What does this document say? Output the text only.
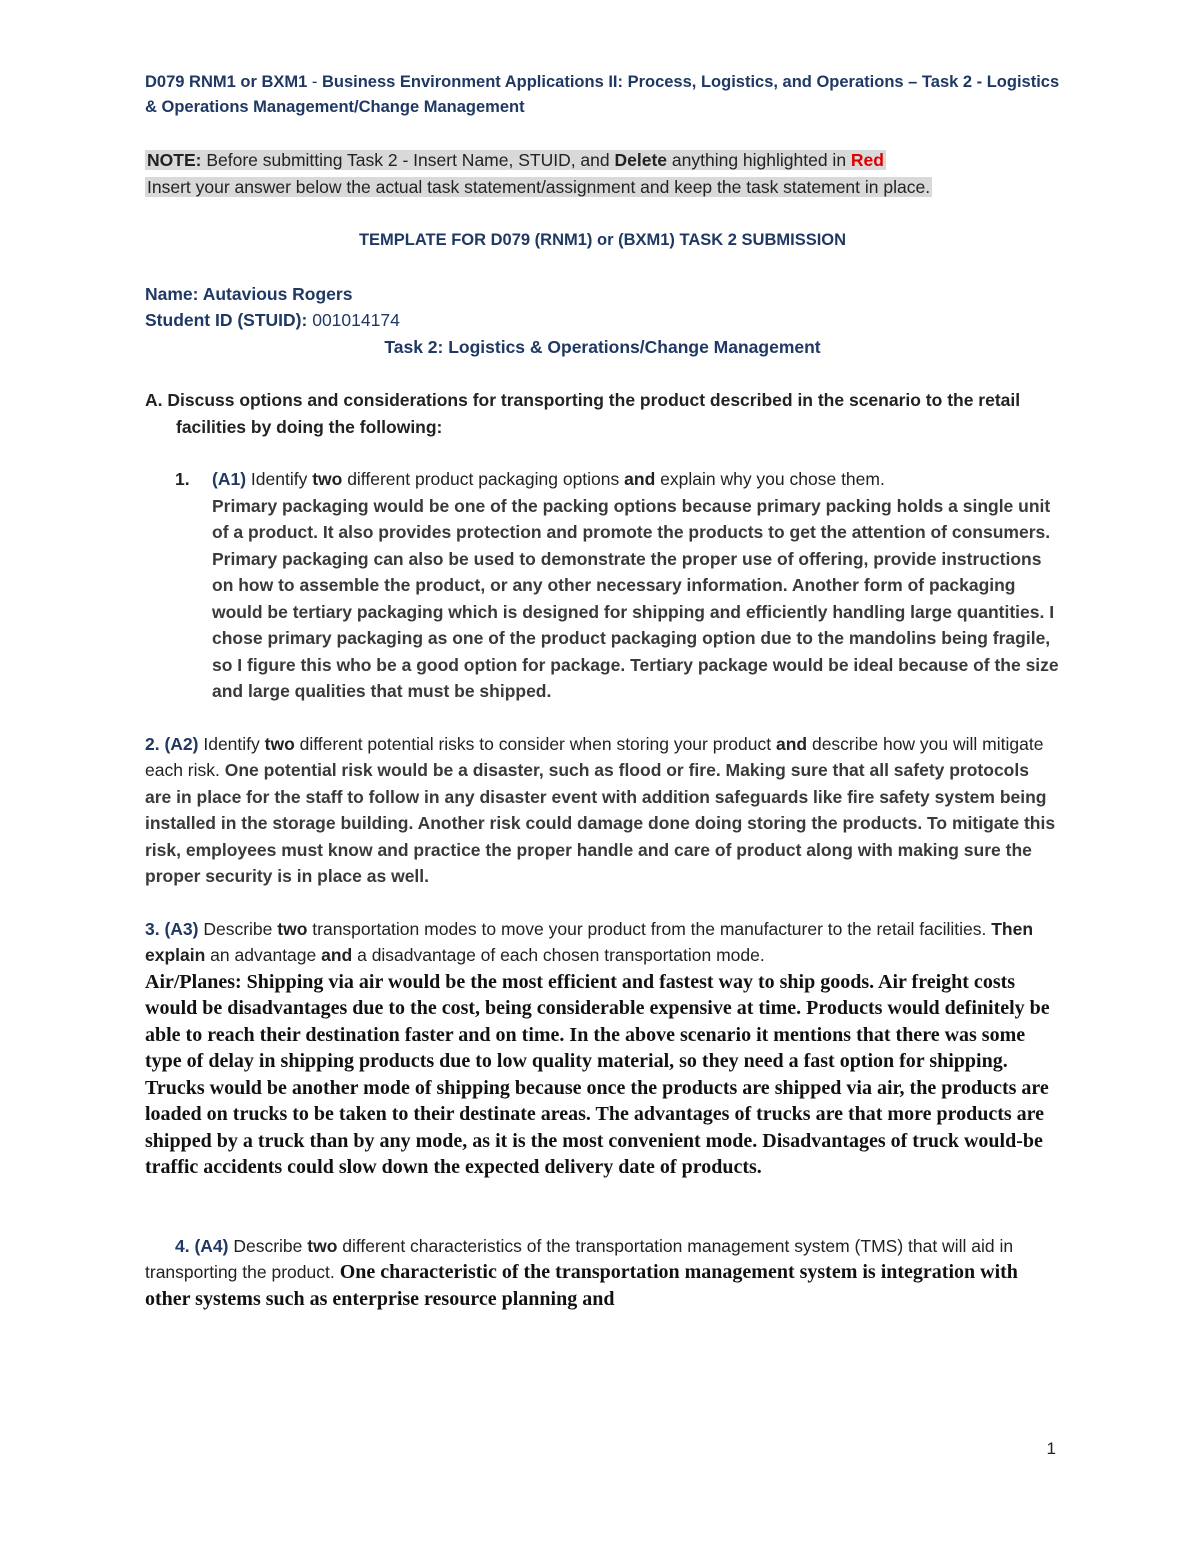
D079 RNM1 or BXM1 - Business Environment Applications II: Process, Logistics, and Operations – Task 2 - Logistics & Operations Management/Change Management
NOTE: Before submitting Task 2 - Insert Name, STUID, and Delete anything highlighted in Red
Insert your answer below the actual task statement/assignment and keep the task statement in place.
TEMPLATE FOR D079 (RNM1) or (BXM1) TASK 2 SUBMISSION
Name: Autavious Rogers
Student ID (STUID): 001014174
Task 2: Logistics & Operations/Change Management
A. Discuss options and considerations for transporting the product described in the scenario to the retail facilities by doing the following:
1. (A1) Identify two different product packaging options and explain why you chose them.
Primary packaging would be one of the packing options because primary packing holds a single unit of a product. It also provides protection and promote the products to get the attention of consumers. Primary packaging can also be used to demonstrate the proper use of offering, provide instructions on how to assemble the product, or any other necessary information. Another form of packaging would be tertiary packaging which is designed for shipping and efficiently handling large quantities. I chose primary packaging as one of the product packaging option due to the mandolins being fragile, so I figure this who be a good option for package. Tertiary package would be ideal because of the size and large qualities that must be shipped.
2. (A2) Identify two different potential risks to consider when storing your product and describe how you will mitigate each risk. One potential risk would be a disaster, such as flood or fire. Making sure that all safety protocols are in place for the staff to follow in any disaster event with addition safeguards like fire safety system being installed in the storage building. Another risk could damage done doing storing the products. To mitigate this risk, employees must know and practice the proper handle and care of product along with making sure the proper security is in place as well.
3. (A3) Describe two transportation modes to move your product from the manufacturer to the retail facilities. Then explain an advantage and a disadvantage of each chosen transportation mode.
Air/Planes: Shipping via air would be the most efficient and fastest way to ship goods. Air freight costs would be disadvantages due to the cost, being considerable expensive at time. Products would definitely be able to reach their destination faster and on time. In the above scenario it mentions that there was some type of delay in shipping products due to low quality material, so they need a fast option for shipping.
Trucks would be another mode of shipping because once the products are shipped via air, the products are loaded on trucks to be taken to their destinate areas. The advantages of trucks are that more products are shipped by a truck than by any mode, as it is the most convenient mode. Disadvantages of truck would-be traffic accidents could slow down the expected delivery date of products.
4. (A4) Describe two different characteristics of the transportation management system (TMS) that will aid in transporting the product. One characteristic of the transportation management system is integration with other systems such as enterprise resource planning and
1
